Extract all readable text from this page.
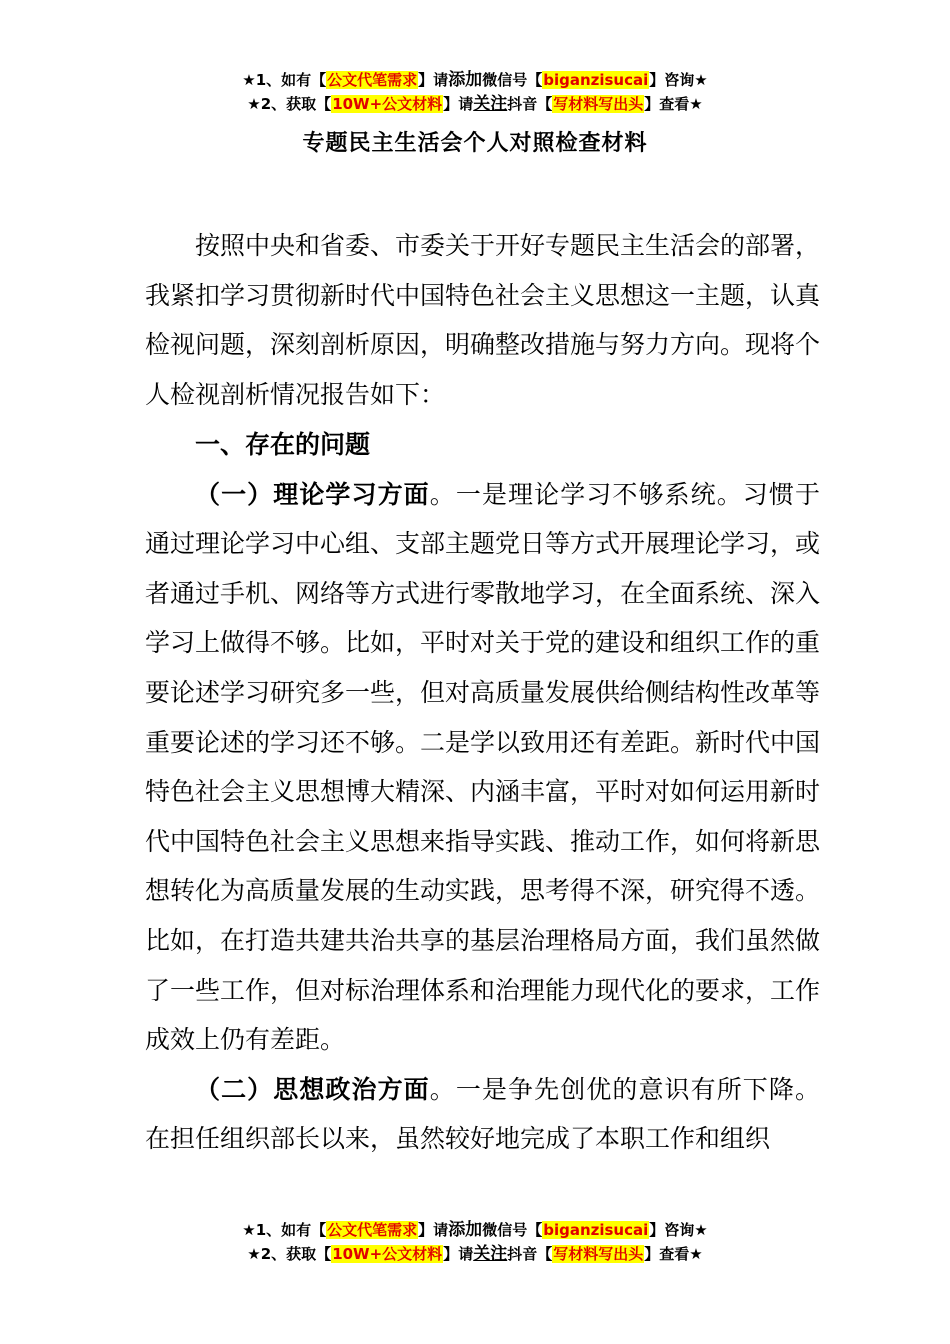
★1、如有【公文代笔需求】请添加微信号【biganzisucai】咨询★
★2、获取【10W+公文材料】请关注抖音【写材料写出头】查看★
专题民主生活会个人对照检查材料

按照中央和省委、市委关于开好专题民主生活会的部署，我紧扣学习贯彻新时代中国特色社会主义思想这一主题，认真检视问题，深刻剖析原因，明确整改措施与努力方向。现将个人检视剖析情况报告如下：

一、存在的问题

（一）理论学习方面。一是理论学习不够系统。习惯于通过理论学习中心组、支部主题党日等方式开展理论学习，或者通过手机、网络等方式进行零散地学习，在全面系统、深入学习上做得不够。比如，平时对关于党的建设和组织工作的重要论述学习研究多一些，但对高质量发展供给侧结构性改革等重要论述的学习还不够。二是学以致用还有差距。新时代中国特色社会主义思想博大精深、内涵丰富，平时对如何运用新时代中国特色社会主义思想来指导实践、推动工作，如何将新思想转化为高质量发展的生动实践，思考得不深，研究得不透。比如，在打造共建共治共享的基层治理格局方面，我们虽然做了一些工作，但对标治理体系和治理能力现代化的要求，工作成效上仍有差距。

（二）思想政治方面。一是争先创优的意识有所下降。在担任组织部长以来，虽然较好地完成了本职工作和组织

★1、如有【公文代笔需求】请添加微信号【biganzisucai】咨询★
★2、获取【10W+公文材料】请关注抖音【写材料写出头】查看★
